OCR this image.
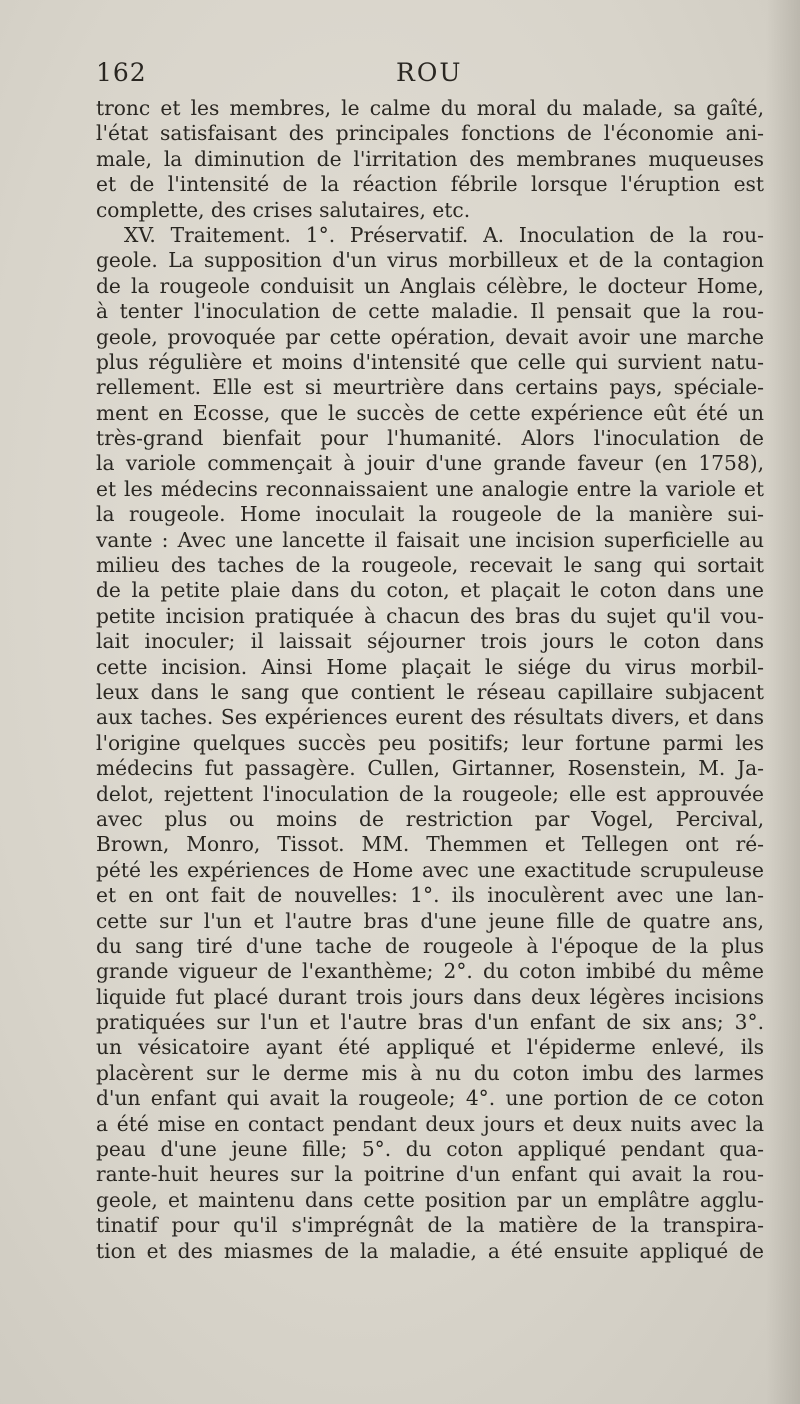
162	ROU
tronc et les membres, le calme du moral du malade, sa gaîté,
l'état satisfaisant des principales fonctions de l'économie ani-
male, la diminution de l'irritation des membranes muqueuses
et de l'intensité de la réaction fébrile lorsque l'éruption est
complette, des crises salutaires, etc.
XV. Traitement. 1°. Préservatif. A. Inoculation de la rou-
geole. La supposition d'un virus morbilleux et de la contagion
de la rougeole conduisit un Anglais célèbre, le docteur Home,
à tenter l'inoculation de cette maladie. Il pensait que la rou-
geole, provoquée par cette opération, devait avoir une marche
plus régulière et moins d'intensité que celle qui survient natu-
rellement. Elle est si meurtrière dans certains pays, spéciale-
ment en Ecosse, que le succès de cette expérience eût été un
très-grand bienfait pour l'humanité. Alors l'inoculation de
la variole commençait à jouir d'une grande faveur (en 1758),
et les médecins reconnaissaient une analogie entre la variole et
la rougeole. Home inoculait la rougeole de la manière sui-
vante : Avec une lancette il faisait une incision superficielle au
milieu des taches de la rougeole, recevait le sang qui sortait
de la petite plaie dans du coton, et plaçait le coton dans une
petite incision pratiquée à chacun des bras du sujet qu'il vou-
lait inoculer; il laissait séjourner trois jours le coton dans
cette incision. Ainsi Home plaçait le siége du virus morbil-
leux dans le sang que contient le réseau capillaire subjacent
aux taches. Ses expériences eurent des résultats divers, et dans
l'origine quelques succès peu positifs; leur fortune parmi les
médecins fut passagère. Cullen, Girtanner, Rosenstein, M. Ja-
delot, rejettent l'inoculation de la rougeole; elle est approuvée
avec plus ou moins de restriction par Vogel, Percival,
Brown, Monro, Tissot. MM. Themmen et Tellegen ont ré-
pété les expériences de Home avec une exactitude scrupuleuse
et en ont fait de nouvelles: 1°. ils inoculèrent avec une lan-
cette sur l'un et l'autre bras d'une jeune fille de quatre ans,
du sang tiré d'une tache de rougeole à l'époque de la plus
grande vigueur de l'exanthème; 2°. du coton imbibé du même
liquide fut placé durant trois jours dans deux légères incisions
pratiquées sur l'un et l'autre bras d'un enfant de six ans; 3°.
un vésicatoire ayant été appliqué et l'épiderme enlevé, ils
placèrent sur le derme mis à nu du coton imbu des larmes
d'un enfant qui avait la rougeole; 4°. une portion de ce coton
a été mise en contact pendant deux jours et deux nuits avec la
peau d'une jeune fille; 5°. du coton appliqué pendant qua-
rante-huit heures sur la poitrine d'un enfant qui avait la rou-
geole, et maintenu dans cette position par un emplâtre agglu-
tinatif pour qu'il s'imprégnât de la matière de la transpira-
tion et des miasmes de la maladie, a été ensuite appliqué de
